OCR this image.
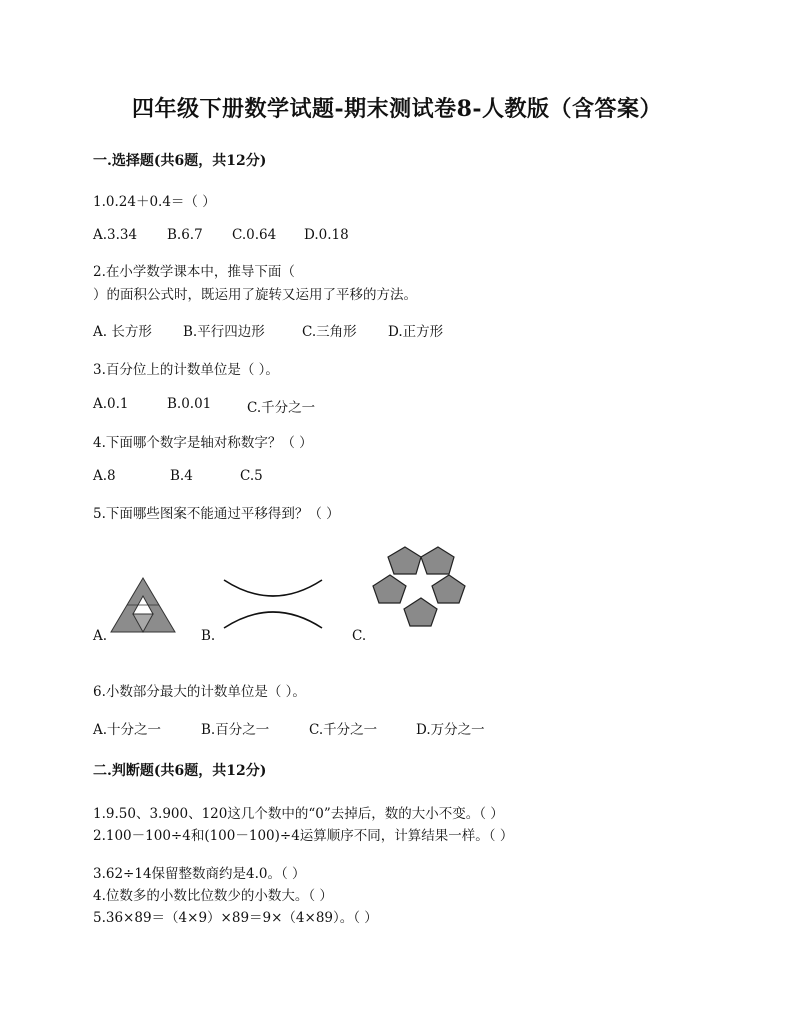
四年级下册数学试题-期末测试卷8-人教版（含答案）
一.选择题(共6题，共12分)
1.0.24＋0.4＝（ ）
A.3.34 B.6.7 C.0.64 D.0.18
2.在小学数学课本中，推导下面（
）的面积公式时，既运用了旋转又运用了平移的方法。
A. 长方形 B.平行四边形	C.三角形 D.正方形
3.百分位上的计数单位是（ ）。
A.0.1	B.0.01	C.千分之一
4.下面哪个数字是轴对称数字？（ ）
A.8	B.4	C.5
5.下面哪些图案不能通过平移得到？（ ）
A.	B.	C.
6.小数部分最大的计数单位是（ ）。
A.十分之一	B.百分之一	C.千分之一	D.万分之一
二.判断题(共6题，共12分)
1.9.50、3.900、120这几个数中的“0”去掉后，数的大小不变。（ ）
2.100－100÷4和(100－100)÷4运算顺序不同，计算结果一样。（ ）
3.62÷14保留整数商约是4.0。（ ）
4.位数多的小数比位数少的小数大。（ ）
5.36×89＝（4×9）×89＝9×（4×89）。（ ）
